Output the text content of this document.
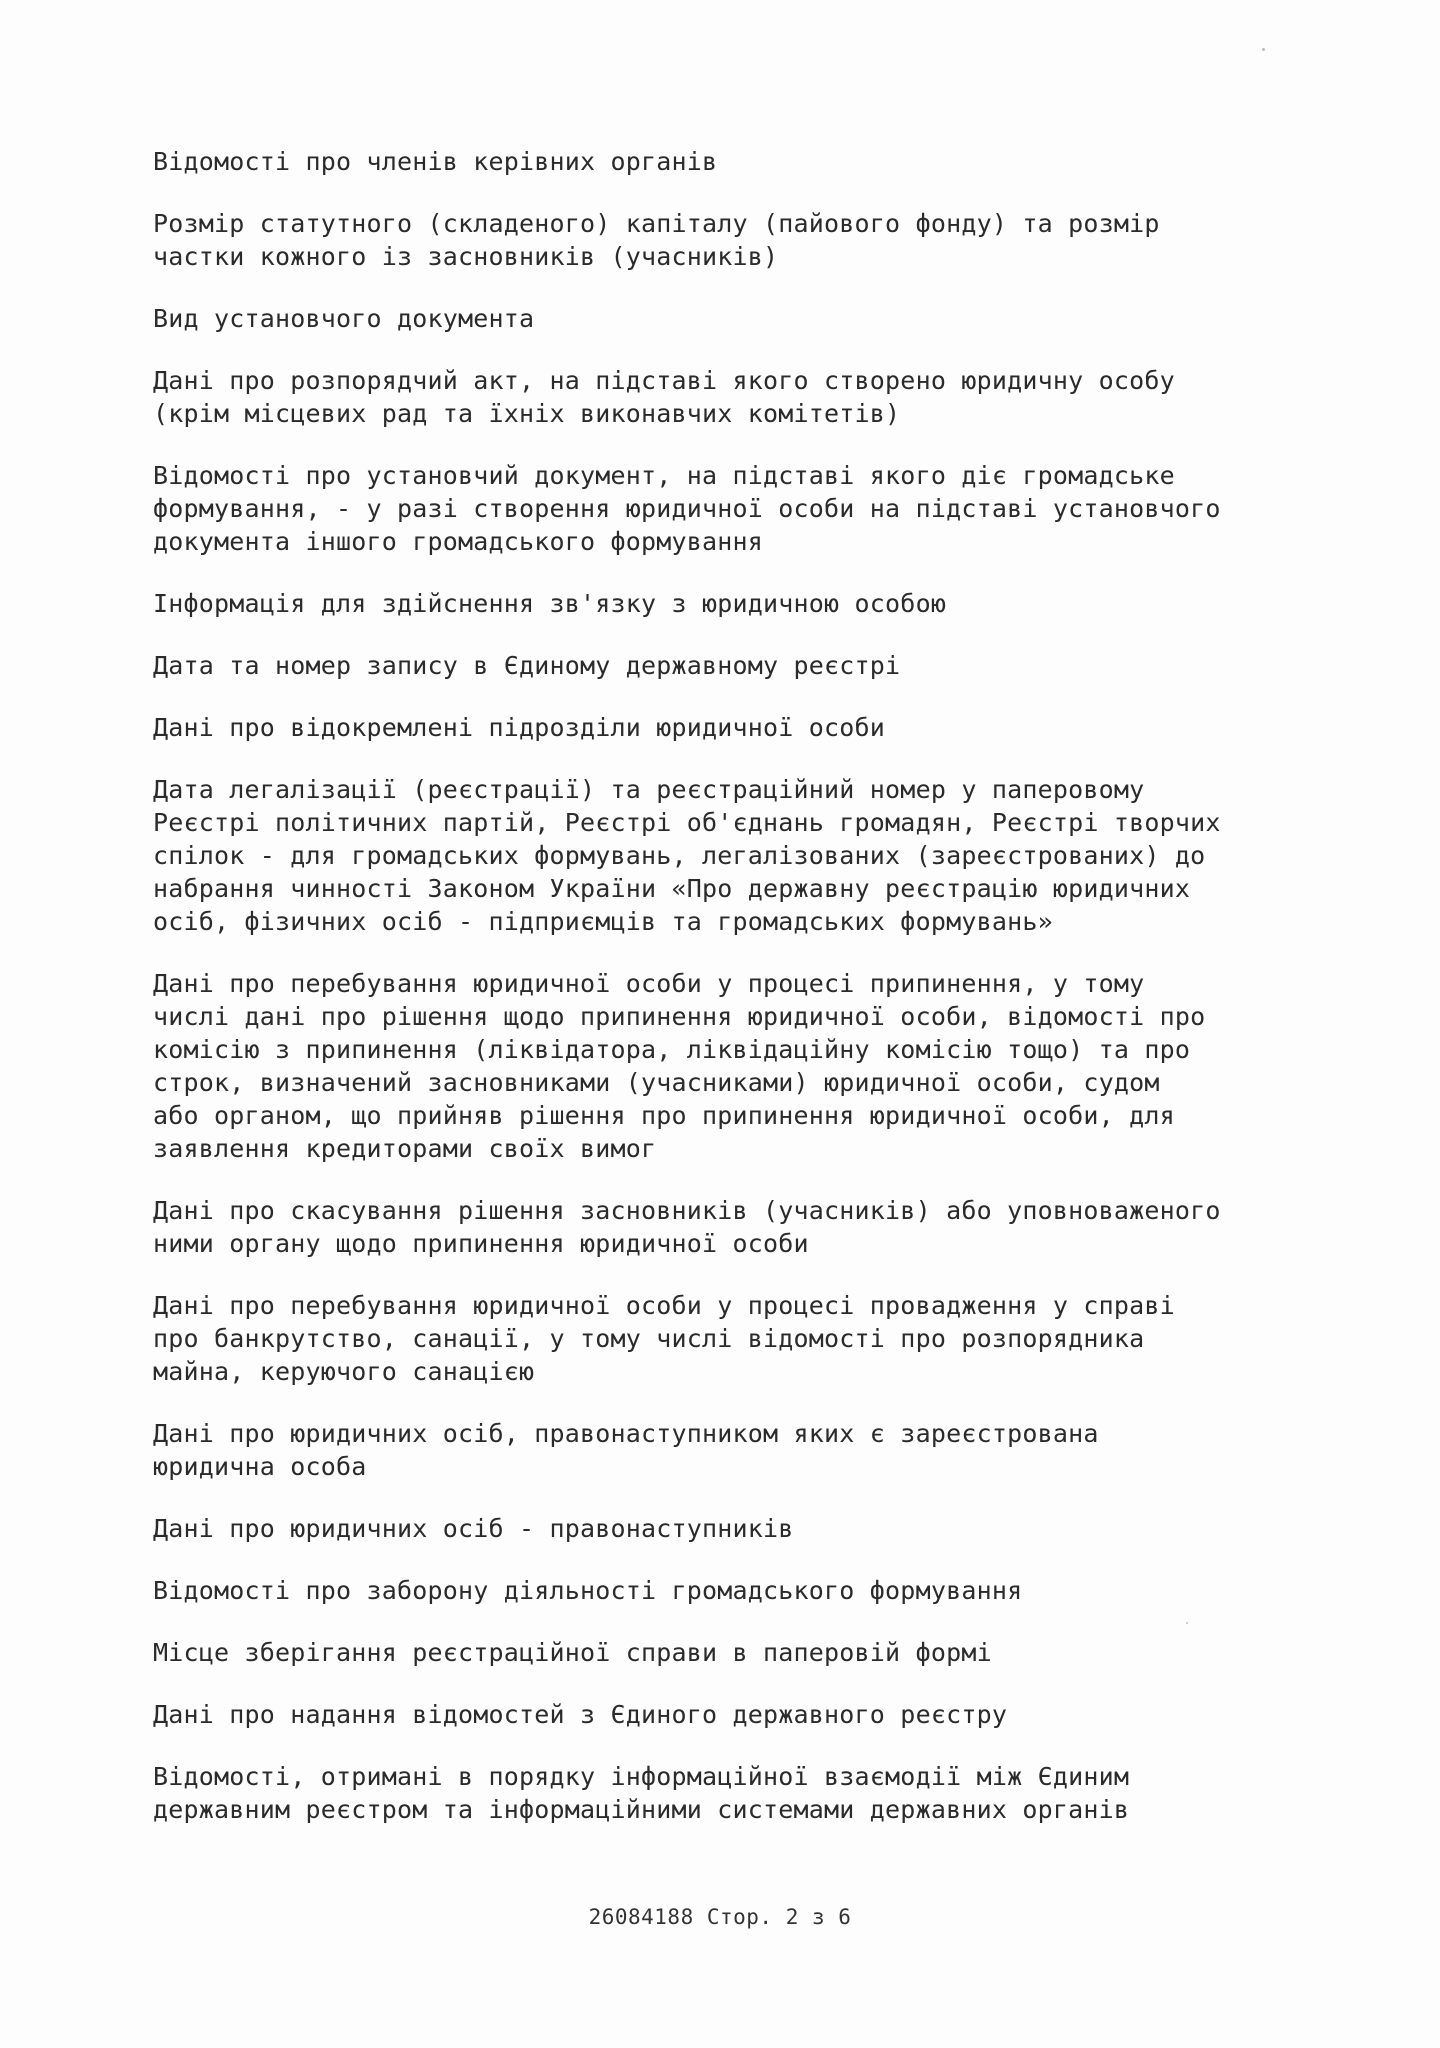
Відомості про членів керівних органів

Розмір статутного (складеного) капіталу (пайового фонду) та розмір
частки кожного із засновників (учасників)

Вид установчого документа

Дані про розпорядчий акт, на підставі якого створено юридичну особу
(крім місцевих рад та їхніх виконавчих комітетів)

Відомості про установчий документ, на підставі якого діє громадське
формування, - у разі створення юридичної особи на підставі установчого
документа іншого громадського формування

Інформація для здійснення зв'язку з юридичною особою

Дата та номер запису в Єдиному державному реєстрі

Дані про відокремлені підрозділи юридичної особи

Дата легалізації (реєстрації) та реєстраційний номер у паперовому
Реєстрі політичних партій, Реєстрі об'єднань громадян, Реєстрі творчих
спілок - для громадських формувань, легалізованих (зареєстрованих) до
набрання чинності Законом України «Про державну реєстрацію юридичних
осіб, фізичних осіб - підприємців та громадських формувань»

Дані про перебування юридичної особи у процесі припинення, у тому
числі дані про рішення щодо припинення юридичної особи, відомості про
комісію з припинення (ліквідатора, ліквідаційну комісію тощо) та про
строк, визначений засновниками (учасниками) юридичної особи, судом
або органом, що прийняв рішення про припинення юридичної особи, для
заявлення кредиторами своїх вимог

Дані про скасування рішення засновників (учасників) або уповноваженого
ними органу щодо припинення юридичної особи

Дані про перебування юридичної особи у процесі провадження у справі
про банкрутство, санації, у тому числі відомості про розпорядника
майна, керуючого санацією

Дані про юридичних осіб, правонаступником яких є зареєстрована
юридична особа

Дані про юридичних осіб - правонаступників

Відомості про заборону діяльності громадського формування

Місце зберігання реєстраційної справи в паперовій формі

Дані про надання відомостей з Єдиного державного реєстру

Відомості, отримані в порядку інформаційної взаємодії між Єдиним
державним реєстром та інформаційними системами державних органів

26084188 Стор. 2 з 6
